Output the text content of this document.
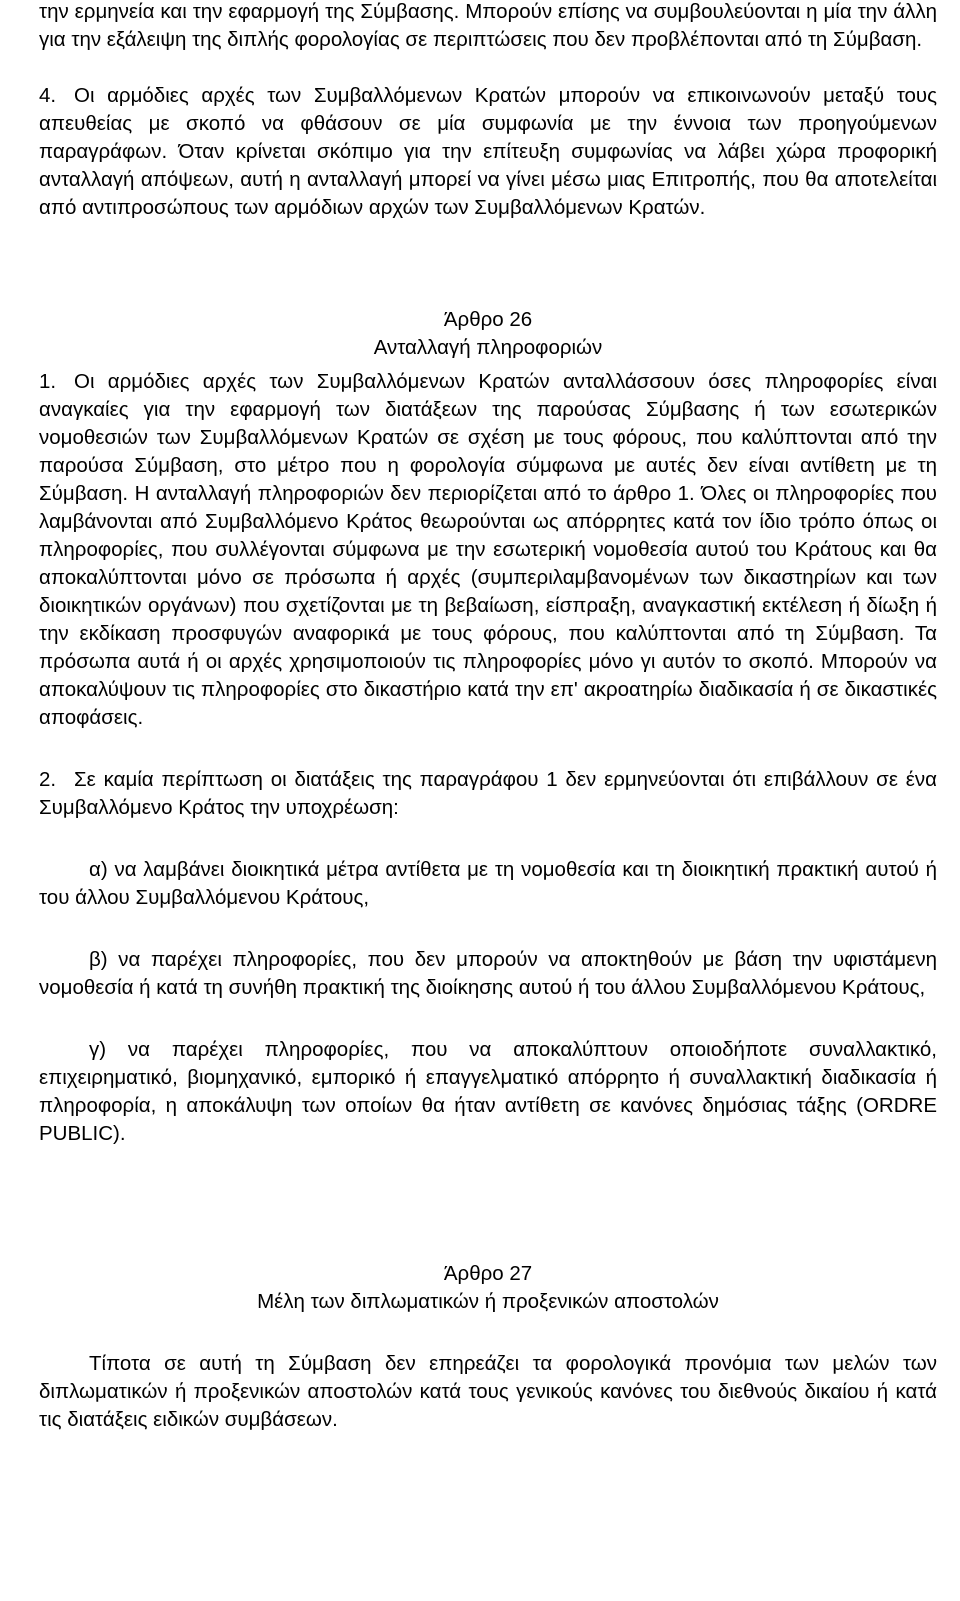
την ερμηνεία και την εφαρμογή της Σύμβασης. Μπορούν επίσης να συμβουλεύονται η μία την άλλη για την εξάλειψη της διπλής φορολογίας σε περιπτώσεις που δεν προβλέπονται από τη Σύμβαση.

4. Οι αρμόδιες αρχές των Συμβαλλόμενων Κρατών μπορούν να επικοινωνούν μεταξύ τους απευθείας με σκοπό να φθάσουν σε μία συμφωνία με την έννοια των προηγούμενων παραγράφων. Όταν κρίνεται σκόπιμο για την επίτευξη συμφωνίας να λάβει χώρα προφορική ανταλλαγή απόψεων, αυτή η ανταλλαγή μπορεί να γίνει μέσω μιας Επιτροπής, που θα αποτελείται από αντιπροσώπους των αρμόδιων αρχών των Συμβαλλόμενων Κρατών.

Άρθρο 26

Ανταλλαγή πληροφοριών

1. Οι αρμόδιες αρχές των Συμβαλλόμενων Κρατών ανταλλάσσουν όσες πληροφορίες είναι αναγκαίες για την εφαρμογή των διατάξεων της παρούσας Σύμβασης ή των εσωτερικών νομοθεσιών των Συμβαλλόμενων Κρατών σε σχέση με τους φόρους, που καλύπτονται από την παρούσα Σύμβαση, στο μέτρο που η φορολογία σύμφωνα με αυτές δεν είναι αντίθετη με τη Σύμβαση. Η ανταλλαγή πληροφοριών δεν περιορίζεται από το άρθρο 1. Όλες οι πληροφορίες που λαμβάνονται από Συμβαλλόμενο Κράτος θεωρούνται ως απόρρητες κατά τον ίδιο τρόπο όπως οι πληροφορίες, που συλλέγονται σύμφωνα με την εσωτερική νομοθεσία αυτού του Κράτους και θα αποκαλύπτονται μόνο σε πρόσωπα ή αρχές (συμπεριλαμβανομένων των δικαστηρίων και των διοικητικών οργάνων) που σχετίζονται με τη βεβαίωση, είσπραξη, αναγκαστική εκτέλεση ή δίωξη ή την εκδίκαση προσφυγών αναφορικά με τους φόρους, που καλύπτονται από τη Σύμβαση. Τα πρόσωπα αυτά ή οι αρχές χρησιμοποιούν τις πληροφορίες μόνο γι αυτόν το σκοπό. Μπορούν να αποκαλύψουν τις πληροφορίες στο δικαστήριο κατά την επ' ακροατηρίω διαδικασία ή σε δικαστικές αποφάσεις.

2. Σε καμία περίπτωση οι διατάξεις της παραγράφου 1 δεν ερμηνεύονται ότι επιβάλλουν σε ένα Συμβαλλόμενο Κράτος την υποχρέωση:

α) να λαμβάνει διοικητικά μέτρα αντίθετα με τη νομοθεσία και τη διοικητική πρακτική αυτού ή του άλλου Συμβαλλόμενου Κράτους,

β) να παρέχει πληροφορίες, που δεν μπορούν να αποκτηθούν με βάση την υφιστάμενη νομοθεσία ή κατά τη συνήθη πρακτική της διοίκησης αυτού ή του άλλου Συμβαλλόμενου Κράτους,

γ) να παρέχει πληροφορίες, που να αποκαλύπτουν οποιοδήποτε συναλλακτικό, επιχειρηματικό, βιομηχανικό, εμπορικό ή επαγγελματικό απόρρητο ή συναλλακτική διαδικασία ή πληροφορία, η αποκάλυψη των οποίων θα ήταν αντίθετη σε κανόνες δημόσιας τάξης (ORDRE PUBLIC).

Άρθρο 27

Μέλη των διπλωματικών ή προξενικών αποστολών

Τίποτα σε αυτή τη Σύμβαση δεν επηρεάζει τα φορολογικά προνόμια των μελών των διπλωματικών ή προξενικών αποστολών κατά τους γενικούς κανόνες του διεθνούς δικαίου ή κατά τις διατάξεις ειδικών συμβάσεων.
